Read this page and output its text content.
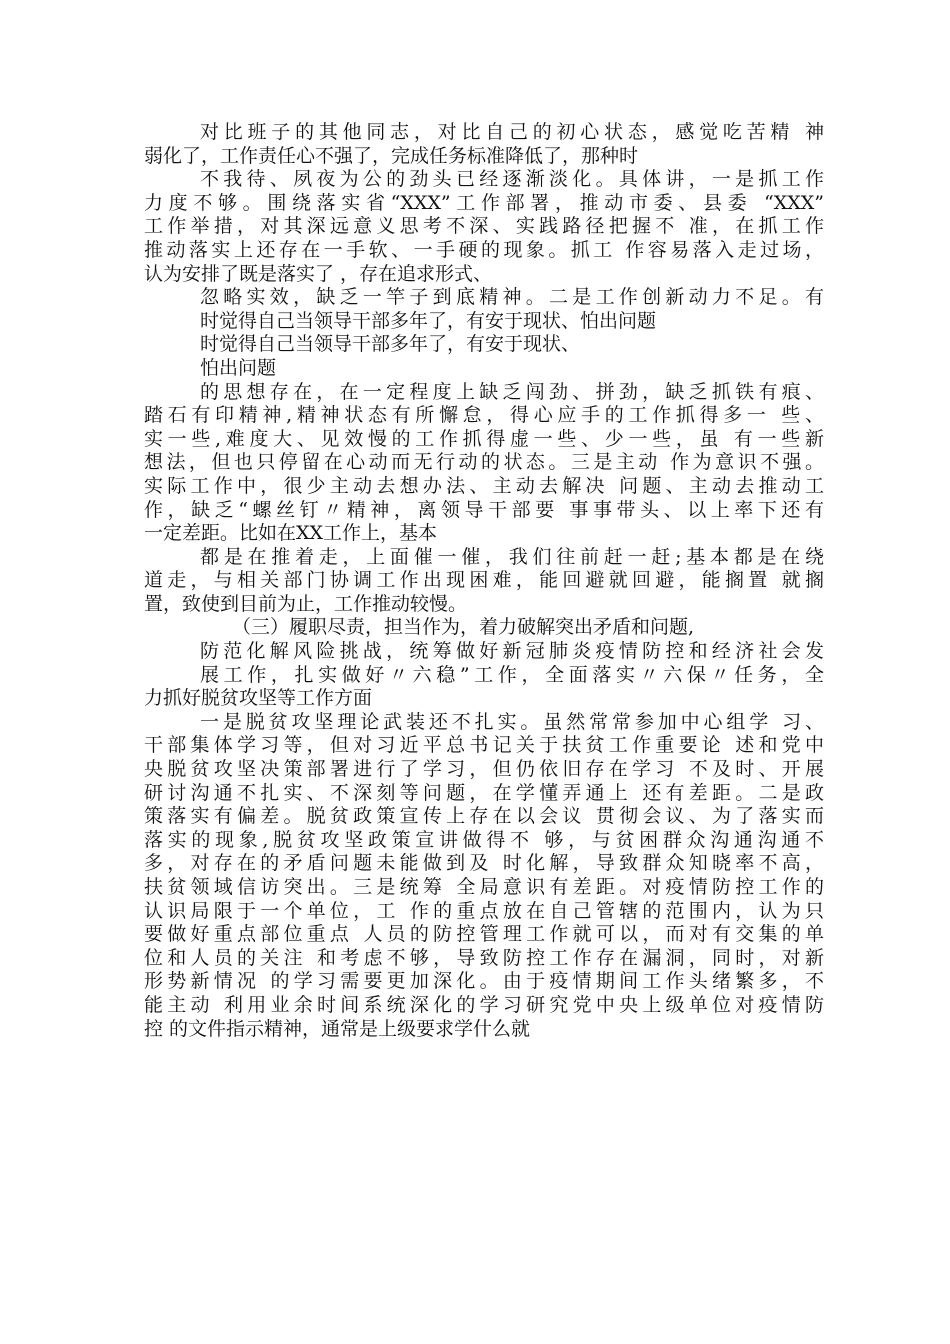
对比班子的其他同志，对比自己的初心状态，感觉吃苦精 神
弱化了，工作责任心不强了，完成任务标准降低了，那种时
不我待、夙夜为公的劲头已经逐渐淡化。具体讲，一是抓工作
力度不够。围绕落实省“XXX”工作部署，推动市委、县委 “XXX”
工作举措，对其深远意义思考不深、实践路径把握不 准，在抓工作
推动落实上还存在一手软、一手硬的现象。抓工 作容易落入走过场，
认为安排了既是落实了 ，存在追求形式、
忽略实效，缺乏一竿子到底精神。二是工作创新动力不足。有
时觉得自己当领导干部多年了，有安于现状、怕出问题
时觉得自己当领导干部多年了，有安于现状、
怕出问题
的思想存在，在一定程度上缺乏闯劲、拼劲，缺乏抓铁有痕、
踏石有印精神,精神状态有所懈怠，得心应手的工作抓得多一 些、
实一些,难度大、见效慢的工作抓得虚一些、少一些，虽 有一些新
想法，但也只停留在心动而无行动的状态。三是主动 作为意识不强。
实际工作中，很少主动去想办法、主动去解决 问题、主动去推动工
作，缺乏“螺丝钉〃精神，离领导干部要 事事带头、以上率下还有
一定差距。比如在XX工作上，基本
都是在推着走，上面催一催，我们往前赶一赶;基本都是在绕
道走，与相关部门协调工作出现困难，能回避就回避，能搁置 就搁
置，致使到目前为止，工作推动较慢。
（三）履职尽责，担当作为，着力破解突出矛盾和问题,
防范化解风险挑战，统筹做好新冠肺炎疫情防控和经济社会发
展工作，扎实做好〃六稳”工作，全面落实〃六保〃任务，全
力抓好脱贫攻坚等工作方面
一是脱贫攻坚理论武装还不扎实。虽然常常参加中心组学 习、
干部集体学习等，但对习近平总书记关于扶贫工作重要论 述和党中
央脱贫攻坚决策部署进行了学习，但仍依旧存在学习 不及时、开展
研讨沟通不扎实、不深刻等问题，在学懂弄通上 还有差距。二是政
策落实有偏差。脱贫政策宣传上存在以会议 贯彻会议、为了落实而
落实的现象,脱贫攻坚政策宣讲做得不 够，与贫困群众沟通沟通不
多，对存在的矛盾问题未能做到及 时化解，导致群众知晓率不高，
扶贫领域信访突出。三是统筹 全局意识有差距。对疫情防控工作的
认识局限于一个单位，工 作的重点放在自己管辖的范围内，认为只
要做好重点部位重点 人员的防控管理工作就可以，而对有交集的单
位和人员的关注 和考虑不够，导致防控工作存在漏洞，同时，对新
形势新情况 的学习需要更加深化。由于疫情期间工作头绪繁多，不
能主动 利用业余时间系统深化的学习研究党中央上级单位对疫情防
控 的文件指示精神，通常是上级要求学什么就
